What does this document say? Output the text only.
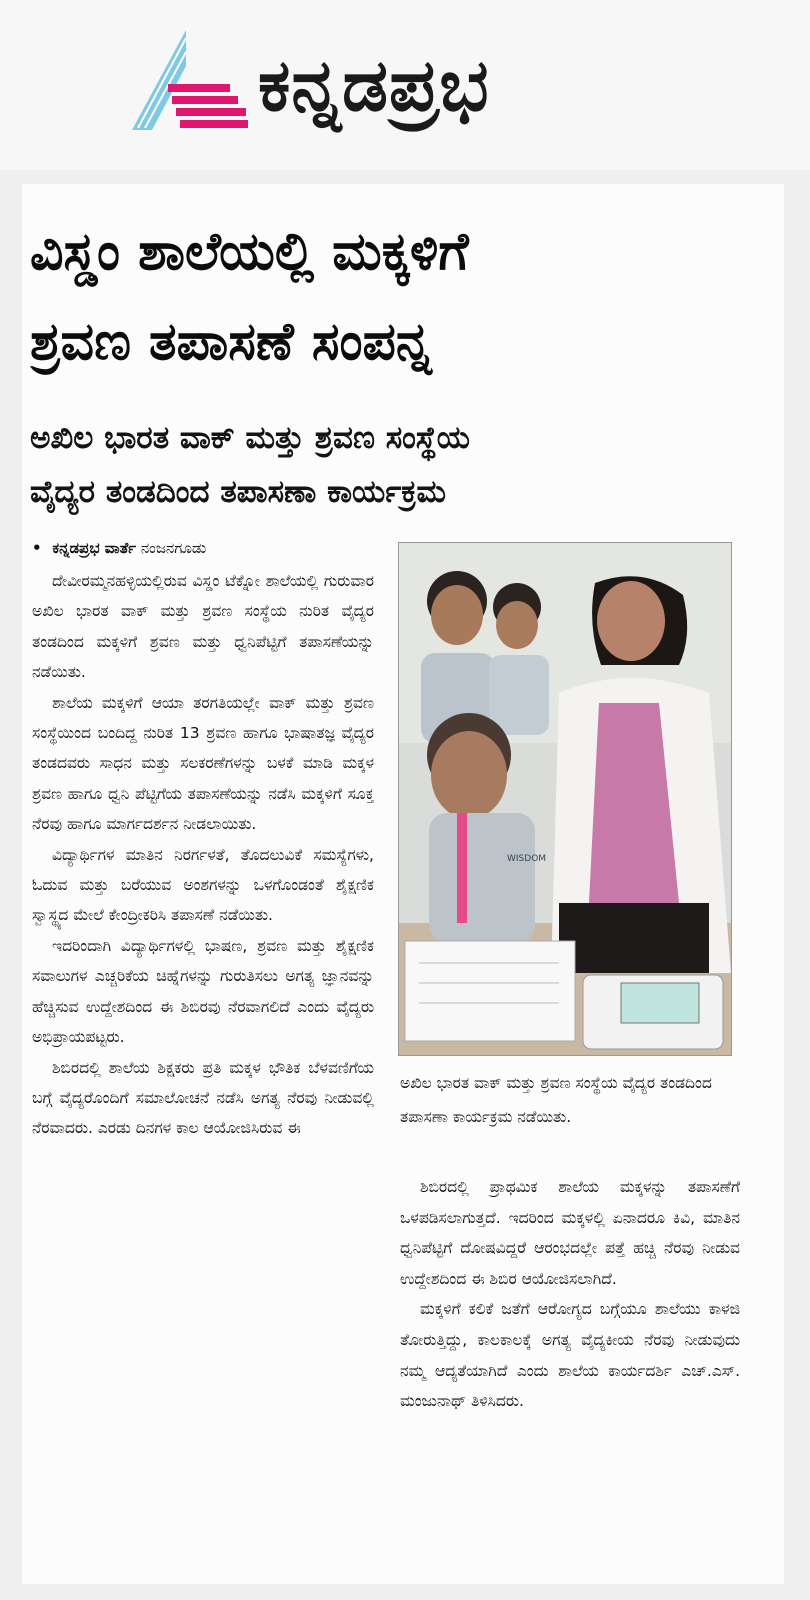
ಕನ್ನಡಪ್ರಭ
ವಿಸ್ಡಂ ಶಾಲೆಯಲ್ಲಿ ಮಕ್ಕಳಿಗೆ
ಶ್ರವಣ ತಪಾಸಣೆ ಸಂಪನ್ನ
ಅಖಿಲ ಭಾರತ ವಾಕ್ ಮತ್ತು ಶ್ರವಣ ಸಂಸ್ಥೆಯ
ವೈದ್ಯರ ತಂಡದಿಂದ ತಪಾಸಣಾ ಕಾರ್ಯಕ್ರಮ
• ಕನ್ನಡಪ್ರಭ ವಾರ್ತೆ ನಂಜನಗೂಡು

ದೇವೀರಮ್ಮನಹಳ್ಳಿಯಲ್ಲಿರುವ ವಿಸ್ಡಂ ಟೆಕ್ನೋ ಶಾಲೆಯಲ್ಲಿ ಗುರುವಾರ ಅಖಿಲ ಭಾರತ ವಾಕ್ ಮತ್ತು ಶ್ರವಣ ಸಂಸ್ಥೆಯ ನುರಿತ ವೈದ್ಯರ ತಂಡದಿಂದ ಮಕ್ಕಳಿಗೆ ಶ್ರವಣ ಮತ್ತು ಧ್ವನಿಪೆಟ್ಟಿಗೆ ತಪಾಸಣೆಯನ್ನು ನಡೆಯಿತು.

ಶಾಲೆಯ ಮಕ್ಕಳಿಗೆ ಆಯಾ ತರಗತಿಯಲ್ಲೇ ವಾಕ್ ಮತ್ತು ಶ್ರವಣ ಸಂಸ್ಥೆಯಿಂದ ಬಂದಿದ್ದ ನುರಿತ 13 ಶ್ರವಣ ಹಾಗೂ ಭಾಷಾತಜ್ಞ ವೈದ್ಯರ ತಂಡದವರು ಸಾಧನ ಮತ್ತು ಸಲಕರಣೆಗಳನ್ನು ಬಳಕೆ ಮಾಡಿ ಮಕ್ಕಳ ಶ್ರವಣ ಹಾಗೂ ಧ್ವನಿ ಪೆಟ್ಟಿಗೆಯ ತಪಾಸಣೆಯನ್ನು ನಡೆಸಿ ಮಕ್ಕಳಿಗೆ ಸೂಕ್ತ ನೆರವು ಹಾಗೂ ಮಾರ್ಗದರ್ಶನ ನೀಡಲಾಯಿತು.

ವಿದ್ಯಾರ್ಥಿಗಳ ಮಾತಿನ ನಿರರ್ಗಳತೆ, ತೊದಲುವಿಕೆ ಸಮಸ್ಯೆಗಳು, ಓದುವ ಮತ್ತು ಬರೆಯುವ ಅಂಶಗಳನ್ನು ಒಳಗೊಂಡಂತೆ ಶೈಕ್ಷಣಿಕ ಸ್ವಾಸ್ಥ್ಯದ ಮೇಲೆ ಕೇಂದ್ರೀಕರಿಸಿ ತಪಾಸಣೆ ನಡೆಯಿತು.

ಇದರಿಂದಾಗಿ ವಿದ್ಯಾರ್ಥಿಗಳಲ್ಲಿ ಭಾಷಣ, ಶ್ರವಣ ಮತ್ತು ಶೈಕ್ಷಣಿಕ ಸವಾಲುಗಳ ಎಚ್ಚರಿಕೆಯ ಚಿಹ್ನೆಗಳನ್ನು ಗುರುತಿಸಲು ಅಗತ್ಯ ಜ್ಞಾನವನ್ನು ಹೆಚ್ಚಿಸುವ ಉದ್ದೇಶದಿಂದ ಈ ಶಿಬಿರವು ನೆರವಾಗಲಿದೆ ಎಂದು ವೈದ್ಯರು ಅಭಿಪ್ರಾಯಪಟ್ಟರು.

ಶಿಬಿರದಲ್ಲಿ ಶಾಲೆಯ ಶಿಕ್ಷಕರು ಪ್ರತಿ ಮಕ್ಕಳ ಭೌತಿಕ ಬೆಳವಣಿಗೆಯ ಬಗ್ಗೆ ವೈದ್ಯರೊಂದಿಗೆ ಸಮಾಲೋಚನೆ ನಡೆಸಿ ಅಗತ್ಯ ನೆರವು ನೀಡುವಲ್ಲಿ ನೆರವಾದರು. ಎರಡು ದಿನಗಳ ಕಾಲ ಆಯೋಜಿಸಿರುವ ಈ

WISDOM
ಅಖಿಲ ಭಾರತ ವಾಕ್ ಮತ್ತು ಶ್ರವಣ ಸಂಸ್ಥೆಯ ವೈದ್ಯರ ತಂಡದಿಂದ ತಪಾಸಣಾ ಕಾರ್ಯಕ್ರಮ ನಡೆಯಿತು.

ಶಿಬಿರದಲ್ಲಿ ಪ್ರಾಥಮಿಕ ಶಾಲೆಯ ಮಕ್ಕಳನ್ನು ತಪಾಸಣೆಗೆ ಒಳಪಡಿಸಲಾಗುತ್ತದೆ. ಇದರಿಂದ ಮಕ್ಕಳಲ್ಲಿ ಏನಾದರೂ ಕಿವಿ, ಮಾತಿನ ಧ್ವನಿಪೆಟ್ಟಿಗೆ ದೋಷವಿದ್ದರೆ ಆರಂಭದಲ್ಲೇ ಪತ್ತೆ ಹಚ್ಚಿ ನೆರವು ನೀಡುವ ಉದ್ದೇಶದಿಂದ ಈ ಶಿಬಿರ ಆಯೋಜಿಸಲಾಗಿದೆ.

ಮಕ್ಕಳಿಗೆ ಕಲಿಕೆ ಜತೆಗೆ ಆರೋಗ್ಯದ ಬಗ್ಗೆಯೂ ಶಾಲೆಯು ಕಾಳಜಿ ತೋರುತ್ತಿದ್ದು, ಕಾಲಕಾಲಕ್ಕೆ ಅಗತ್ಯ ವೈದ್ಯಕೀಯ ನೆರವು ನೀಡುವುದು ನಮ್ಮ ಆದ್ಯತೆಯಾಗಿದೆ ಎಂದು ಶಾಲೆಯ ಕಾರ್ಯದರ್ಶಿ ಎಚ್.ಎಸ್. ಮಂಜುನಾಥ್ ತಿಳಿಸಿದರು.
